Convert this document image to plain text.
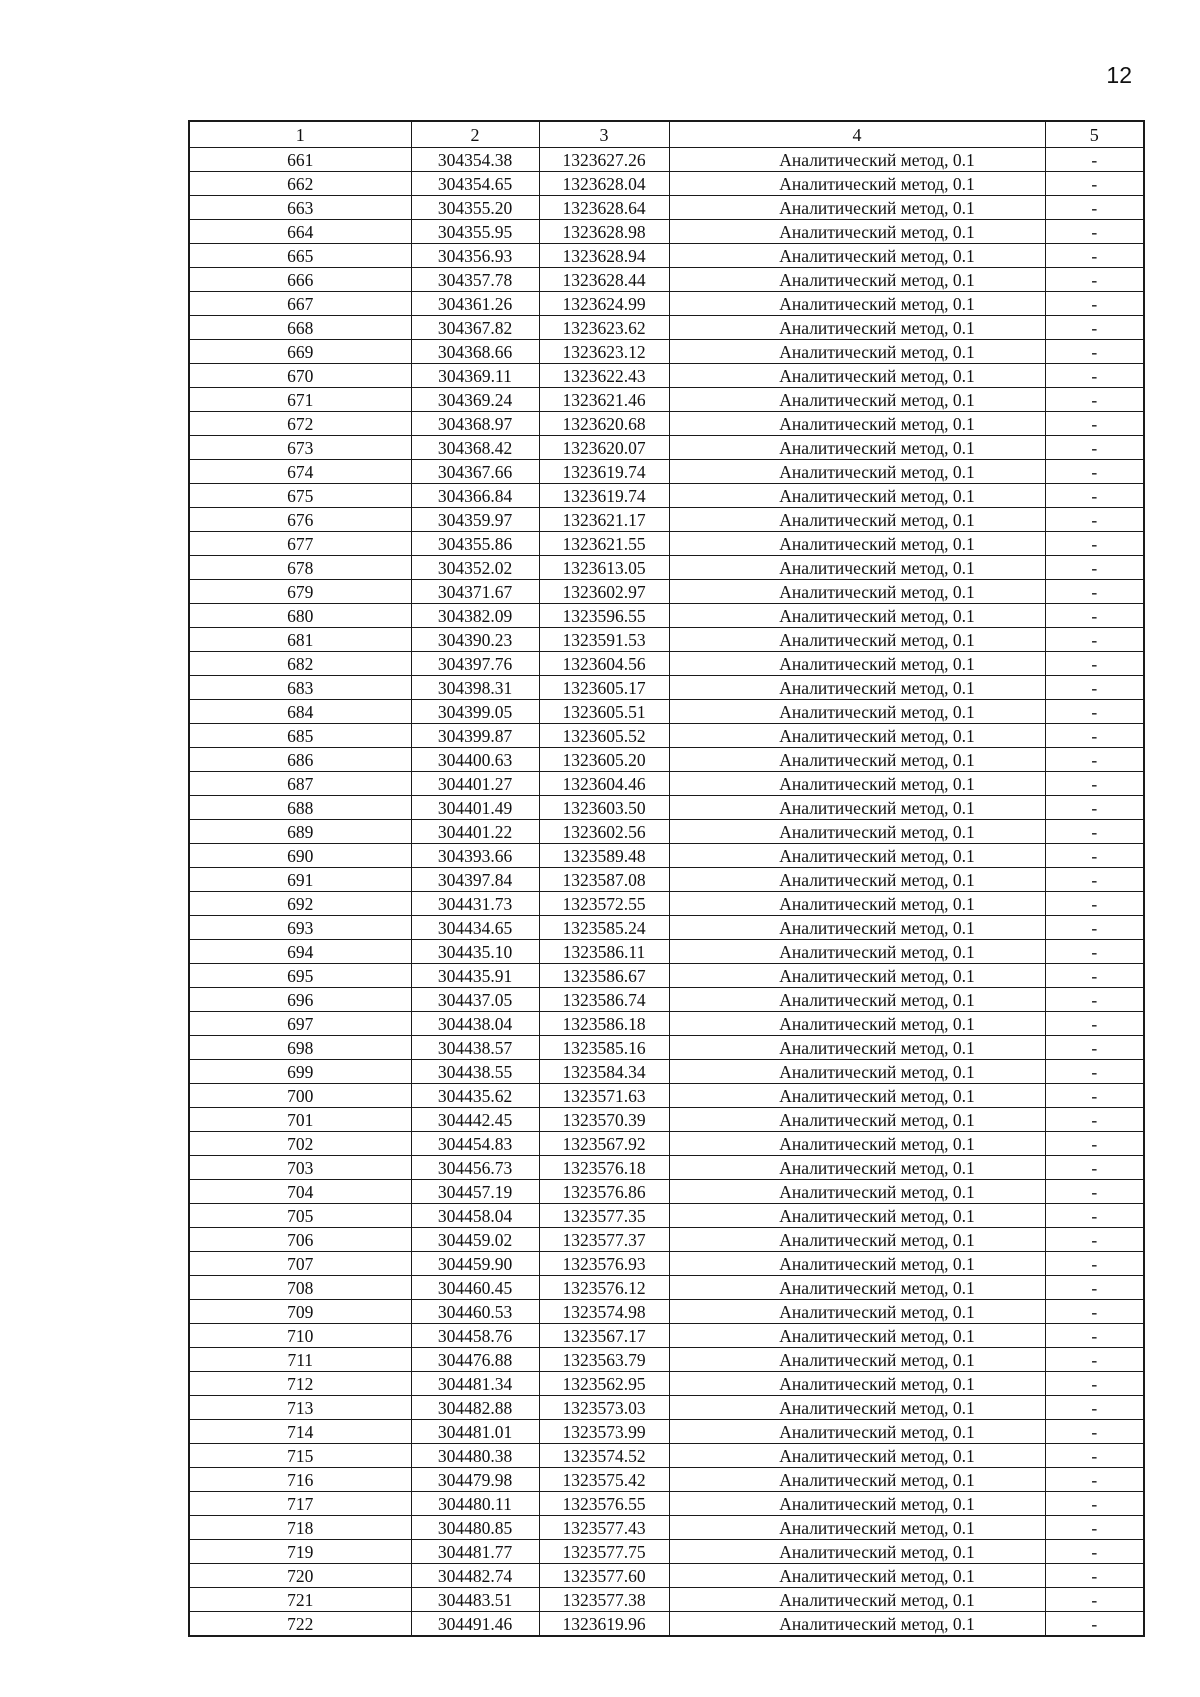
12
1	2	3	4	5
661	304354.38	1323627.26	Аналитический метод, 0.1	-
662	304354.65	1323628.04	Аналитический метод, 0.1	-
663	304355.20	1323628.64	Аналитический метод, 0.1	-
664	304355.95	1323628.98	Аналитический метод, 0.1	-
665	304356.93	1323628.94	Аналитический метод, 0.1	-
666	304357.78	1323628.44	Аналитический метод, 0.1	-
667	304361.26	1323624.99	Аналитический метод, 0.1	-
668	304367.82	1323623.62	Аналитический метод, 0.1	-
669	304368.66	1323623.12	Аналитический метод, 0.1	-
670	304369.11	1323622.43	Аналитический метод, 0.1	-
671	304369.24	1323621.46	Аналитический метод, 0.1	-
672	304368.97	1323620.68	Аналитический метод, 0.1	-
673	304368.42	1323620.07	Аналитический метод, 0.1	-
674	304367.66	1323619.74	Аналитический метод, 0.1	-
675	304366.84	1323619.74	Аналитический метод, 0.1	-
676	304359.97	1323621.17	Аналитический метод, 0.1	-
677	304355.86	1323621.55	Аналитический метод, 0.1	-
678	304352.02	1323613.05	Аналитический метод, 0.1	-
679	304371.67	1323602.97	Аналитический метод, 0.1	-
680	304382.09	1323596.55	Аналитический метод, 0.1	-
681	304390.23	1323591.53	Аналитический метод, 0.1	-
682	304397.76	1323604.56	Аналитический метод, 0.1	-
683	304398.31	1323605.17	Аналитический метод, 0.1	-
684	304399.05	1323605.51	Аналитический метод, 0.1	-
685	304399.87	1323605.52	Аналитический метод, 0.1	-
686	304400.63	1323605.20	Аналитический метод, 0.1	-
687	304401.27	1323604.46	Аналитический метод, 0.1	-
688	304401.49	1323603.50	Аналитический метод, 0.1	-
689	304401.22	1323602.56	Аналитический метод, 0.1	-
690	304393.66	1323589.48	Аналитический метод, 0.1	-
691	304397.84	1323587.08	Аналитический метод, 0.1	-
692	304431.73	1323572.55	Аналитический метод, 0.1	-
693	304434.65	1323585.24	Аналитический метод, 0.1	-
694	304435.10	1323586.11	Аналитический метод, 0.1	-
695	304435.91	1323586.67	Аналитический метод, 0.1	-
696	304437.05	1323586.74	Аналитический метод, 0.1	-
697	304438.04	1323586.18	Аналитический метод, 0.1	-
698	304438.57	1323585.16	Аналитический метод, 0.1	-
699	304438.55	1323584.34	Аналитический метод, 0.1	-
700	304435.62	1323571.63	Аналитический метод, 0.1	-
701	304442.45	1323570.39	Аналитический метод, 0.1	-
702	304454.83	1323567.92	Аналитический метод, 0.1	-
703	304456.73	1323576.18	Аналитический метод, 0.1	-
704	304457.19	1323576.86	Аналитический метод, 0.1	-
705	304458.04	1323577.35	Аналитический метод, 0.1	-
706	304459.02	1323577.37	Аналитический метод, 0.1	-
707	304459.90	1323576.93	Аналитический метод, 0.1	-
708	304460.45	1323576.12	Аналитический метод, 0.1	-
709	304460.53	1323574.98	Аналитический метод, 0.1	-
710	304458.76	1323567.17	Аналитический метод, 0.1	-
711	304476.88	1323563.79	Аналитический метод, 0.1	-
712	304481.34	1323562.95	Аналитический метод, 0.1	-
713	304482.88	1323573.03	Аналитический метод, 0.1	-
714	304481.01	1323573.99	Аналитический метод, 0.1	-
715	304480.38	1323574.52	Аналитический метод, 0.1	-
716	304479.98	1323575.42	Аналитический метод, 0.1	-
717	304480.11	1323576.55	Аналитический метод, 0.1	-
718	304480.85	1323577.43	Аналитический метод, 0.1	-
719	304481.77	1323577.75	Аналитический метод, 0.1	-
720	304482.74	1323577.60	Аналитический метод, 0.1	-
721	304483.51	1323577.38	Аналитический метод, 0.1	-
722	304491.46	1323619.96	Аналитический метод, 0.1	-
